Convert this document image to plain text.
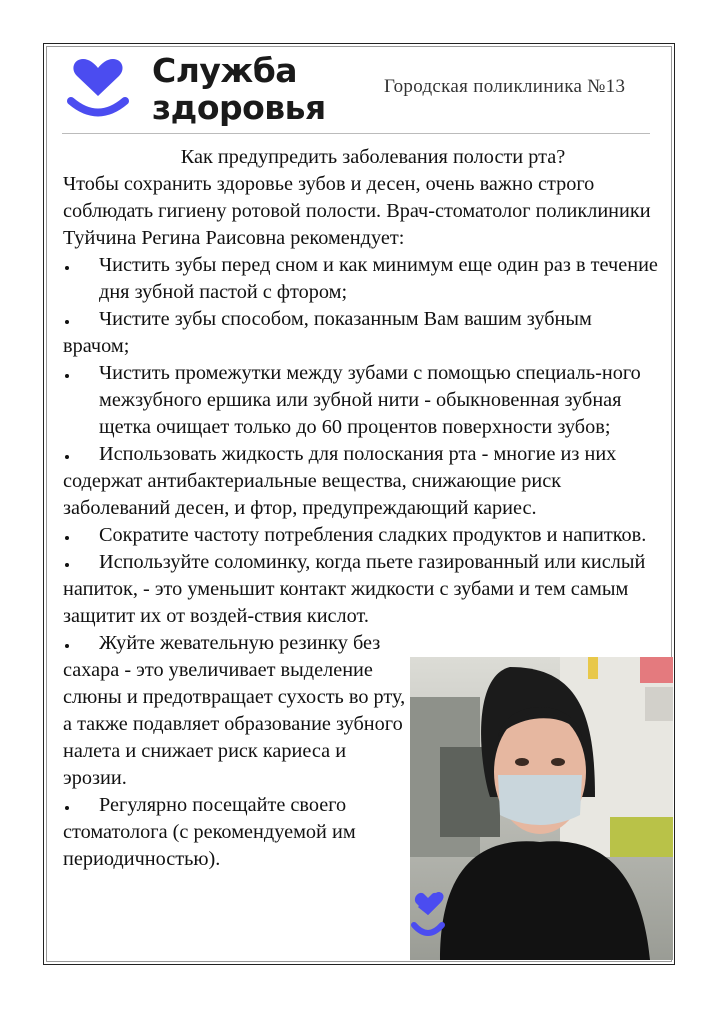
Служба
здоровья
Городская поликлиника №13
Как предупредить заболевания полости рта?
Чтобы сохранить здоровье зубов и десен, очень важно строго соблюдать гигиену ротовой полости. Врач-стоматолог поликлиники Туйчина Регина Раисовна рекомендует:
Чистить зубы перед сном и как минимум еще один раз в течение дня зубной пастой с фтором;
Чистите зубы способом, показанным Вам вашим зубным врачом;
Чистить промежутки между зубами с помощью специаль-ного межзубного ершика или зубной нити - обыкновенная зубная щетка очищает только до 60 процентов поверхности зубов;
Использовать жидкость для полоскания рта - многие из них содержат антибактериальные вещества, снижающие риск заболеваний десен, и фтор, предупреждающий кариес.
Сократите частоту потребления сладких продуктов и напитков.
Используйте соломинку, когда пьете газированный или кислый напиток, - это уменьшит контакт жидкости с зубами и тем самым защитит их от воздей-ствия кислот.
Жуйте жевательную резинку без сахара - это увеличивает выделение слюны и предотвращает сухость во рту, а также подавляет образование зубного налета и снижает риск кариеса и эрозии.
Регулярно посещайте своего стоматолога (с рекомендуемой им периодичностью).
